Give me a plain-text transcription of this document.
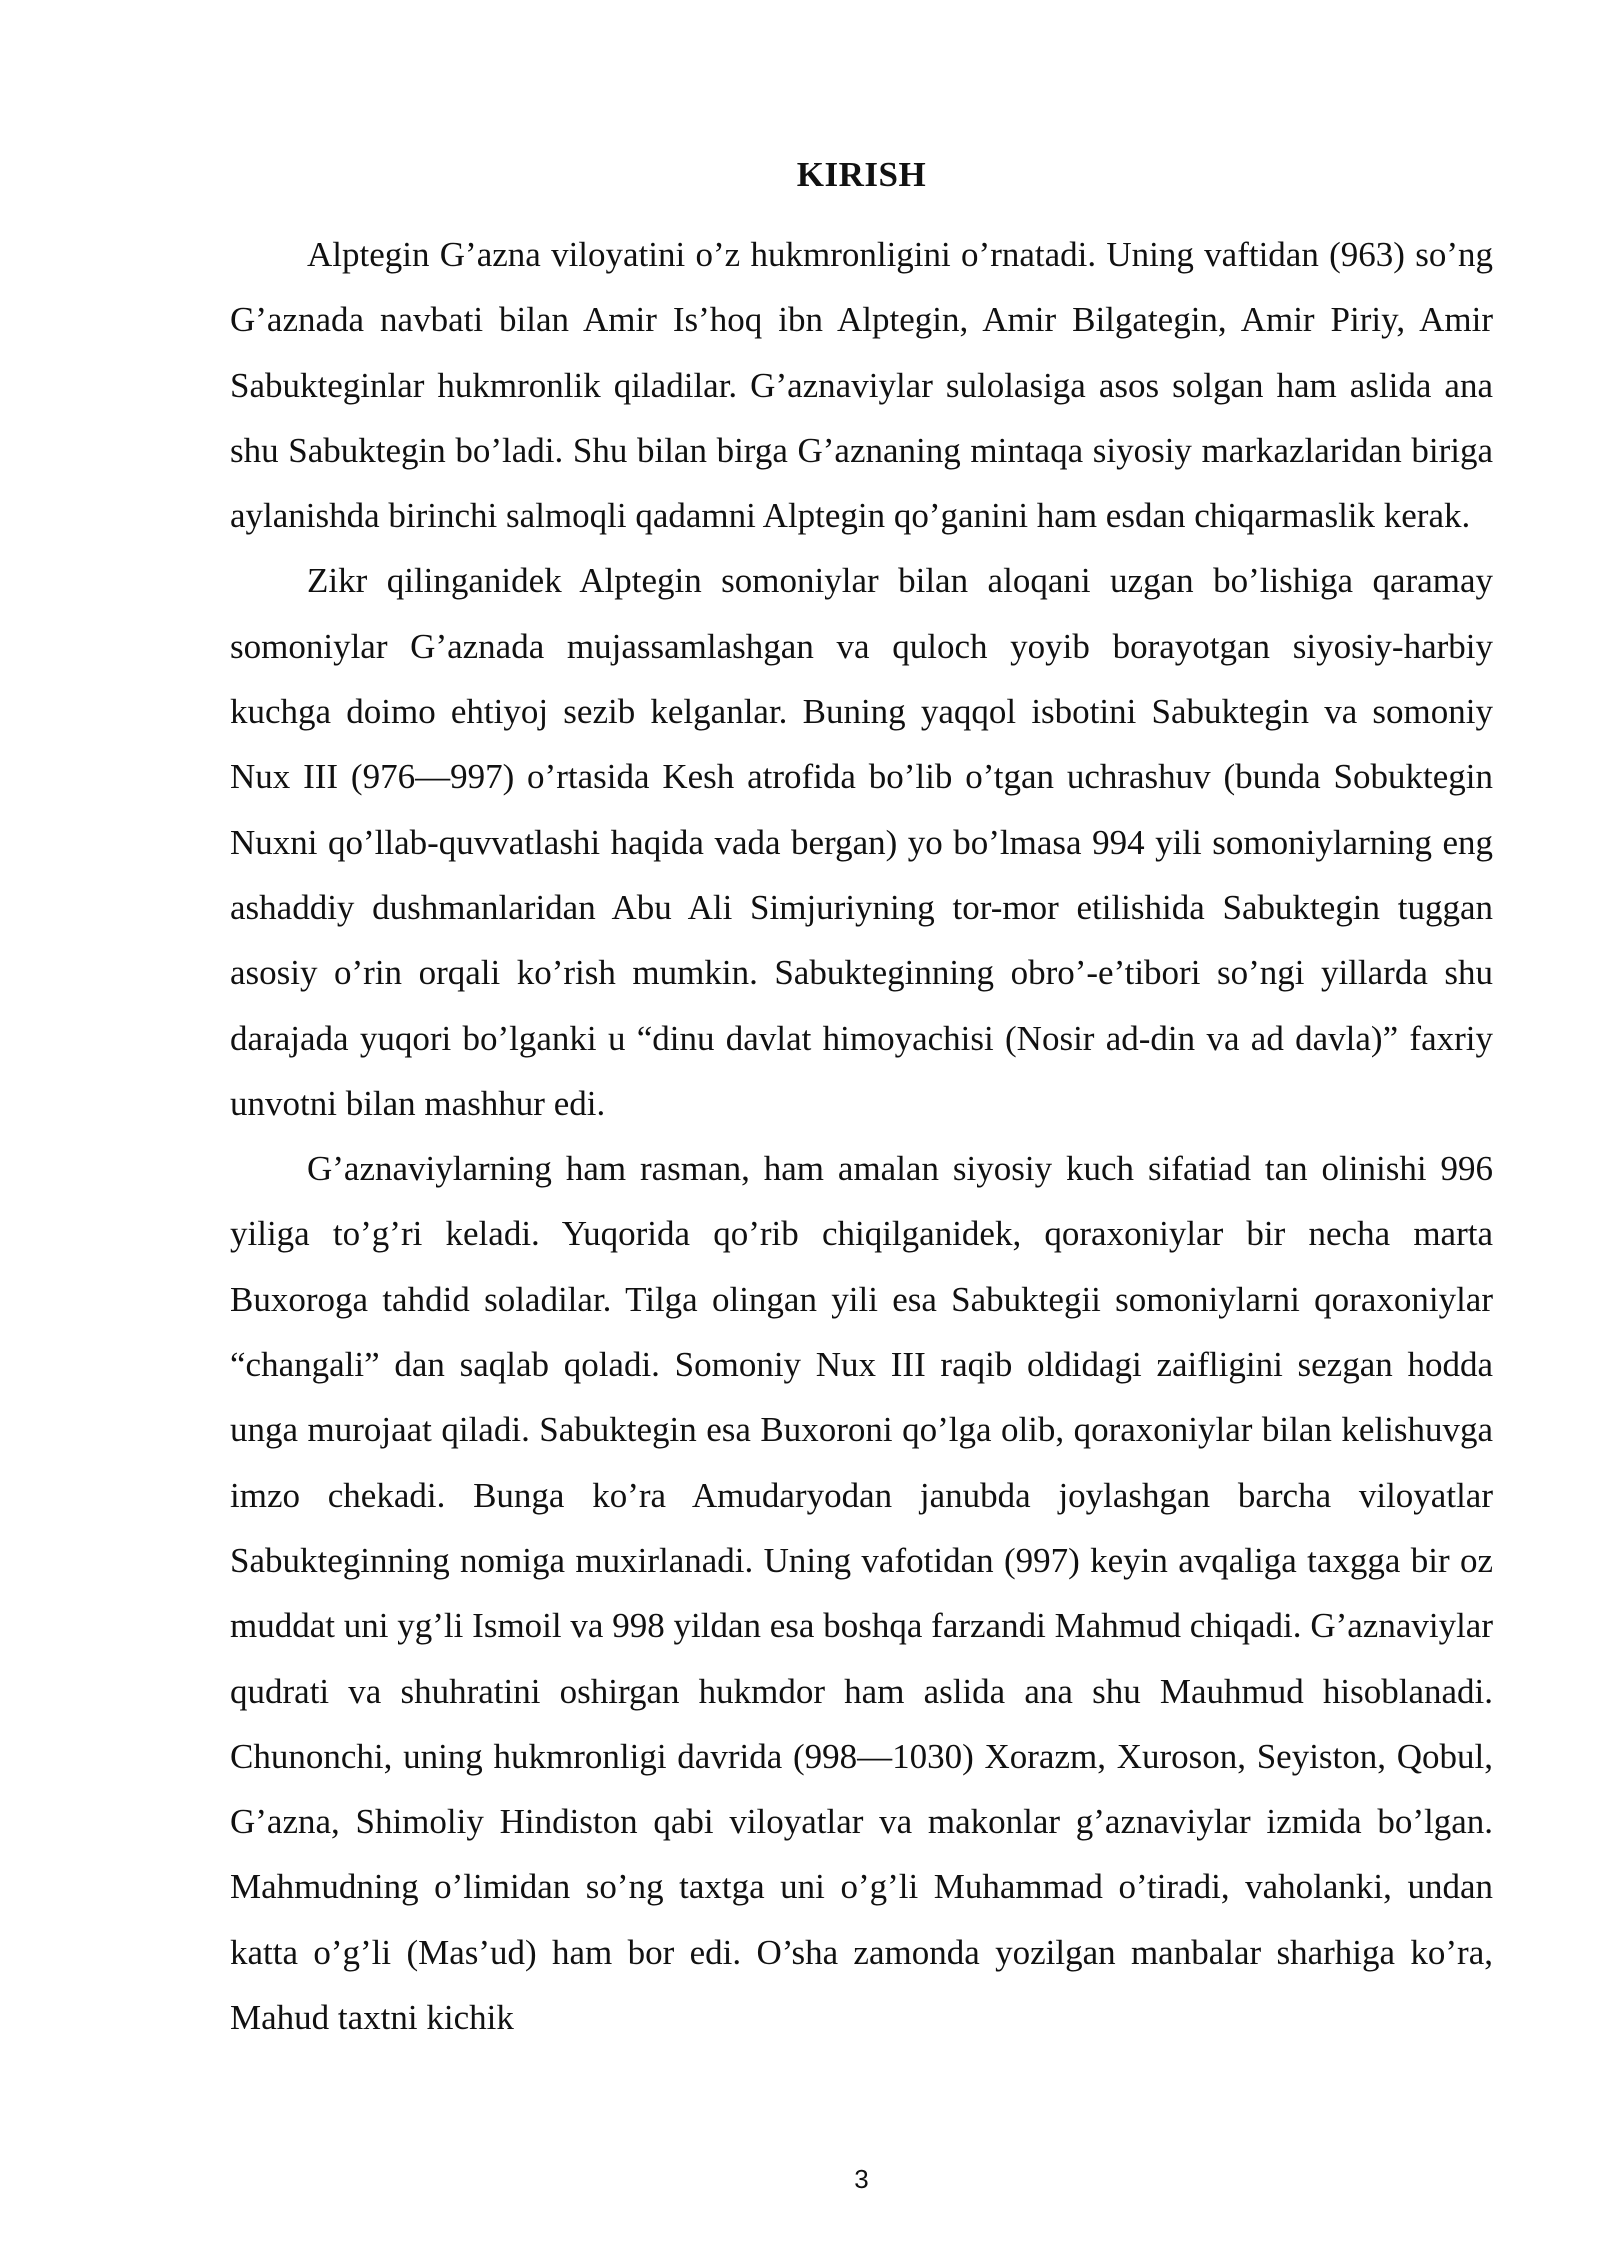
KIRISH

Alptegin G’azna viloyatini o’z hukmronligini o’rnatadi. Uning vaftidan (963) so’ng G’aznada navbati bilan Amir Is’hoq ibn Alptegin, Amir Bilgategin, Amir Piriy, Amir Sabukteginlar hukmronlik qiladilar. G’aznaviylar sulolasiga asos solgan ham aslida ana shu Sabuktegin bo’ladi. Shu bilan birga G’aznaning mintaqa siyosiy markazlaridan biriga aylanishda birinchi salmoqli qadamni Alptegin qo’ganini ham esdan chiqarmaslik kerak.

Zikr qilinganidek Alptegin somoniylar bilan aloqani uzgan bo’lishiga qaramay somoniylar G’aznada mujassamlashgan va quloch yoyib borayotgan siyosiy-harbiy kuchga doimo ehtiyoj sezib kelganlar. Buning yaqqol isbotini Sabuktegin va somoniy Nux III (976—997) o’rtasida Kesh atrofida bo’lib o’tgan uchrashuv (bunda Sobuktegin Nuxni qo’llab-quvvatlashi haqida vada bergan) yo bo’lmasa 994 yili somoniylarning eng ashaddiy dushmanlaridan Abu Ali Simjuriyning tor-mor etilishida Sabuktegin tuggan asosiy o’rin orqali ko’rish mumkin. Sabukteginning obro’-e’tibori so’ngi yillarda shu darajada yuqori bo’lganki u “dinu davlat himoyachisi (Nosir ad-din va ad davla)” faxriy unvotni bilan mashhur edi.

G’aznaviylarning ham rasman, ham amalan siyosiy kuch sifatiad tan olinishi 996 yiliga to’g’ri keladi. Yuqorida qo’rib chiqilganidek, qoraxoniylar bir necha marta Buxoroga tahdid soladilar. Tilga olingan yili esa Sabuktegii somoniylarni qoraxoniylar “changali” dan saqlab qoladi. Somoniy Nux III raqib oldidagi zaifligini sezgan hodda unga murojaat qiladi. Sabuktegin esa Buxoroni qo’lga olib, qoraxoniylar bilan kelishuvga imzo chekadi. Bunga ko’ra Amudaryodan janubda joylashgan barcha viloyatlar Sabukteginning nomiga muxirlanadi. Uning vafotidan (997) keyin avqaliga taxgga bir oz muddat uni yg’li Ismoil va 998 yildan esa boshqa farzandi Mahmud chiqadi. G’aznaviylar qudrati va shuhratini oshirgan hukmdor ham aslida ana shu Mauhmud hisoblanadi. Chunonchi, uning hukmronligi davrida (998—1030) Xorazm, Xuroson, Seyiston, Qobul, G’azna, Shimoliy Hindiston qabi viloyatlar va makonlar g’aznaviylar izmida bo’lgan. Mahmudning o’limidan so’ng taxtga uni o’g’li Muhammad o’tiradi, vaholanki, undan katta o’g’li (Mas’ud) ham bor edi. O’sha zamonda yozilgan manbalar sharhiga ko’ra, Mahud taxtni kichik

3
